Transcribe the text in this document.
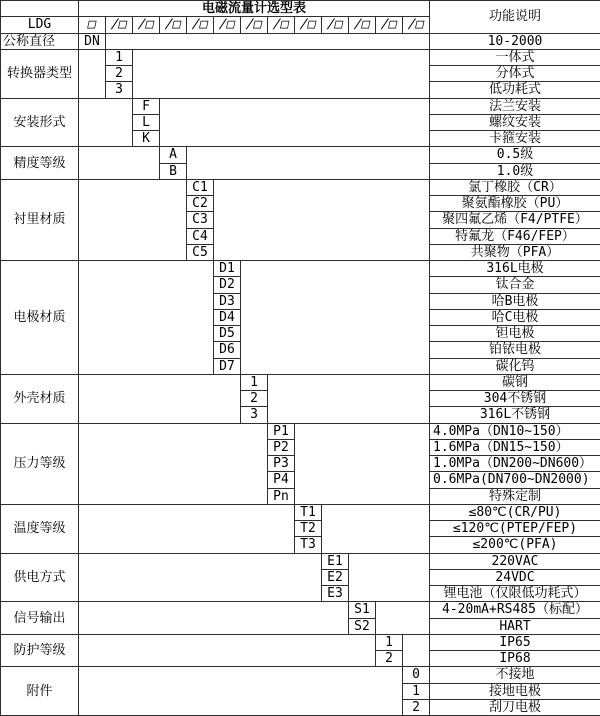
	电磁流量计选型表													功能说明
LDG	□	/□	/□	/□	/□	/□	/□	/□	/□	/□	/□	/□	/□	
公称直径	DN													10-2000
转换器类型		1												一体式
		2												分体式
		3												低功耗式
安装形式			F											法兰安装
			L											螺纹安装
			K											卡箍安装
精度等级				A										0.5级
				B										1.0级
衬里材质					C1									氯丁橡胶（CR）
					C2									聚氨酯橡胶（PU）
					C3									聚四氟乙烯（F4/PTFE）
					C4									特氟龙（F46/FEP）
					C5									共聚物（PFA）
电极材质						D1								316L电极
						D2								钛合金
						D3								哈B电极
						D4								哈C电极
						D5								钽电极
						D6								铂铱电极
						D7								碳化钨
外壳材质							1							碳钢
							2							304不锈钢
							3							316L不锈钢
压力等级								P1						4.0MPa（DN10~150）
								P2						1.6MPa（DN15~150）
								P3						1.0MPa（DN200~DN600）
								P4						0.6MPa(DN700~DN2000)
								Pn						特殊定制
温度等级									T1					≤80℃(CR/PU)
									T2					≤120℃(PTEP/FEP)
									T3					≤200℃(PFA)
供电方式										E1				220VAC
										E2				24VDC
										E3				锂电池（仅限低功耗式）
信号输出											S1			4-20mA+RS485（标配）
											S2			HART
防护等级												1		IP65
												2		IP68
附件													0	不接地
													1	接地电极
													2	刮刀电极
